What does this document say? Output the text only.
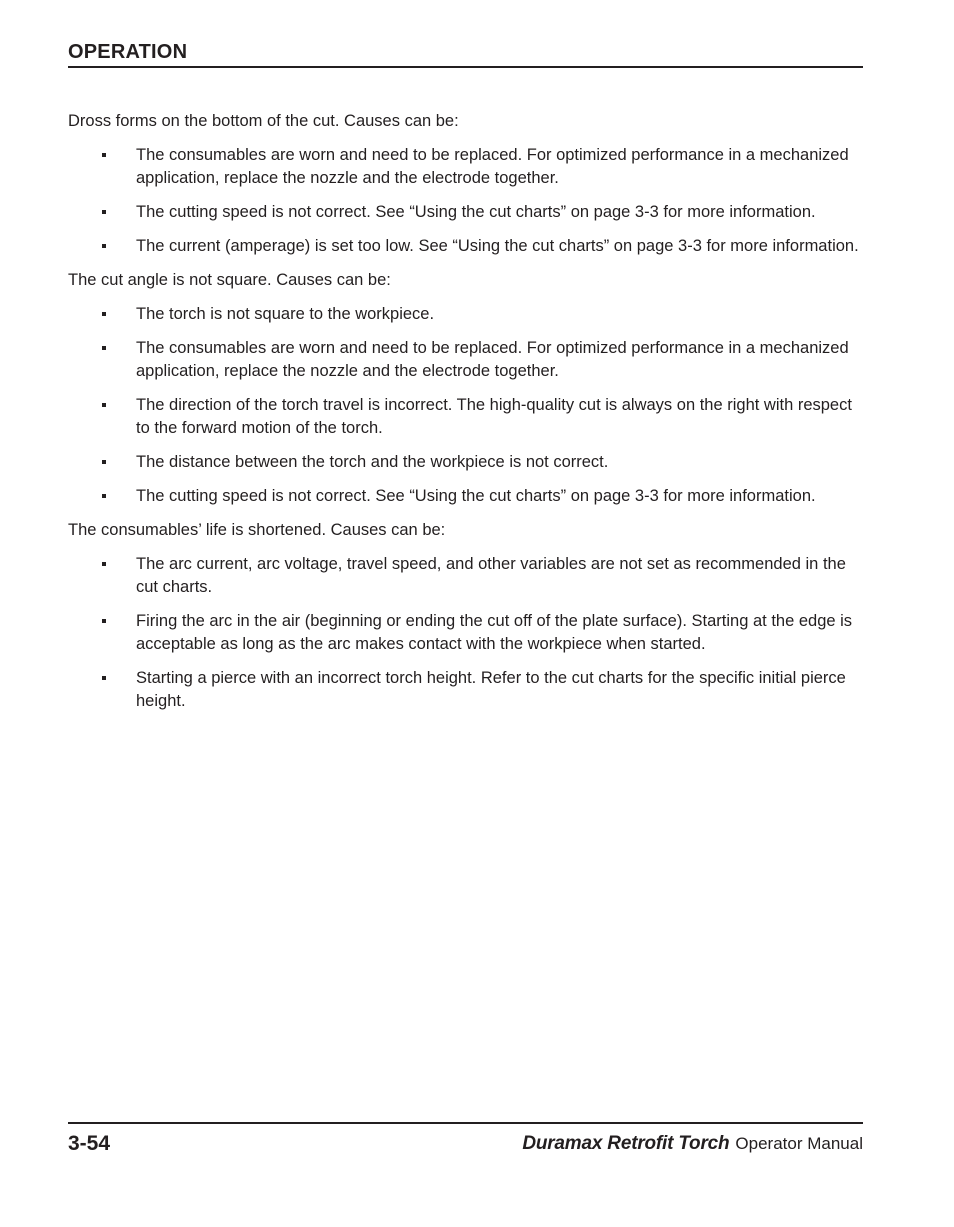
OPERATION

Dross forms on the bottom of the cut. Causes can be:

The consumables are worn and need to be replaced. For optimized performance in a mechanized application, replace the nozzle and the electrode together.
The cutting speed is not correct. See “Using the cut charts” on page 3-3 for more information.
The current (amperage) is set too low. See “Using the cut charts” on page 3-3 for more information.

The cut angle is not square. Causes can be:

The torch is not square to the workpiece.
The consumables are worn and need to be replaced. For optimized performance in a mechanized application, replace the nozzle and the electrode together.
The direction of the torch travel is incorrect. The high-quality cut is always on the right with respect to the forward motion of the torch.
The distance between the torch and the workpiece is not correct.
The cutting speed is not correct. See “Using the cut charts” on page 3-3 for more information.

The consumables’ life is shortened. Causes can be:

The arc current, arc voltage, travel speed, and other variables are not set as recommended in the cut charts.
Firing the arc in the air (beginning or ending the cut off of the plate surface). Starting at the edge is acceptable as long as the arc makes contact with the workpiece when started.
Starting a pierce with an incorrect torch height. Refer to the cut charts for the specific initial pierce height.
3-54	Duramax Retrofit Torch Operator Manual
